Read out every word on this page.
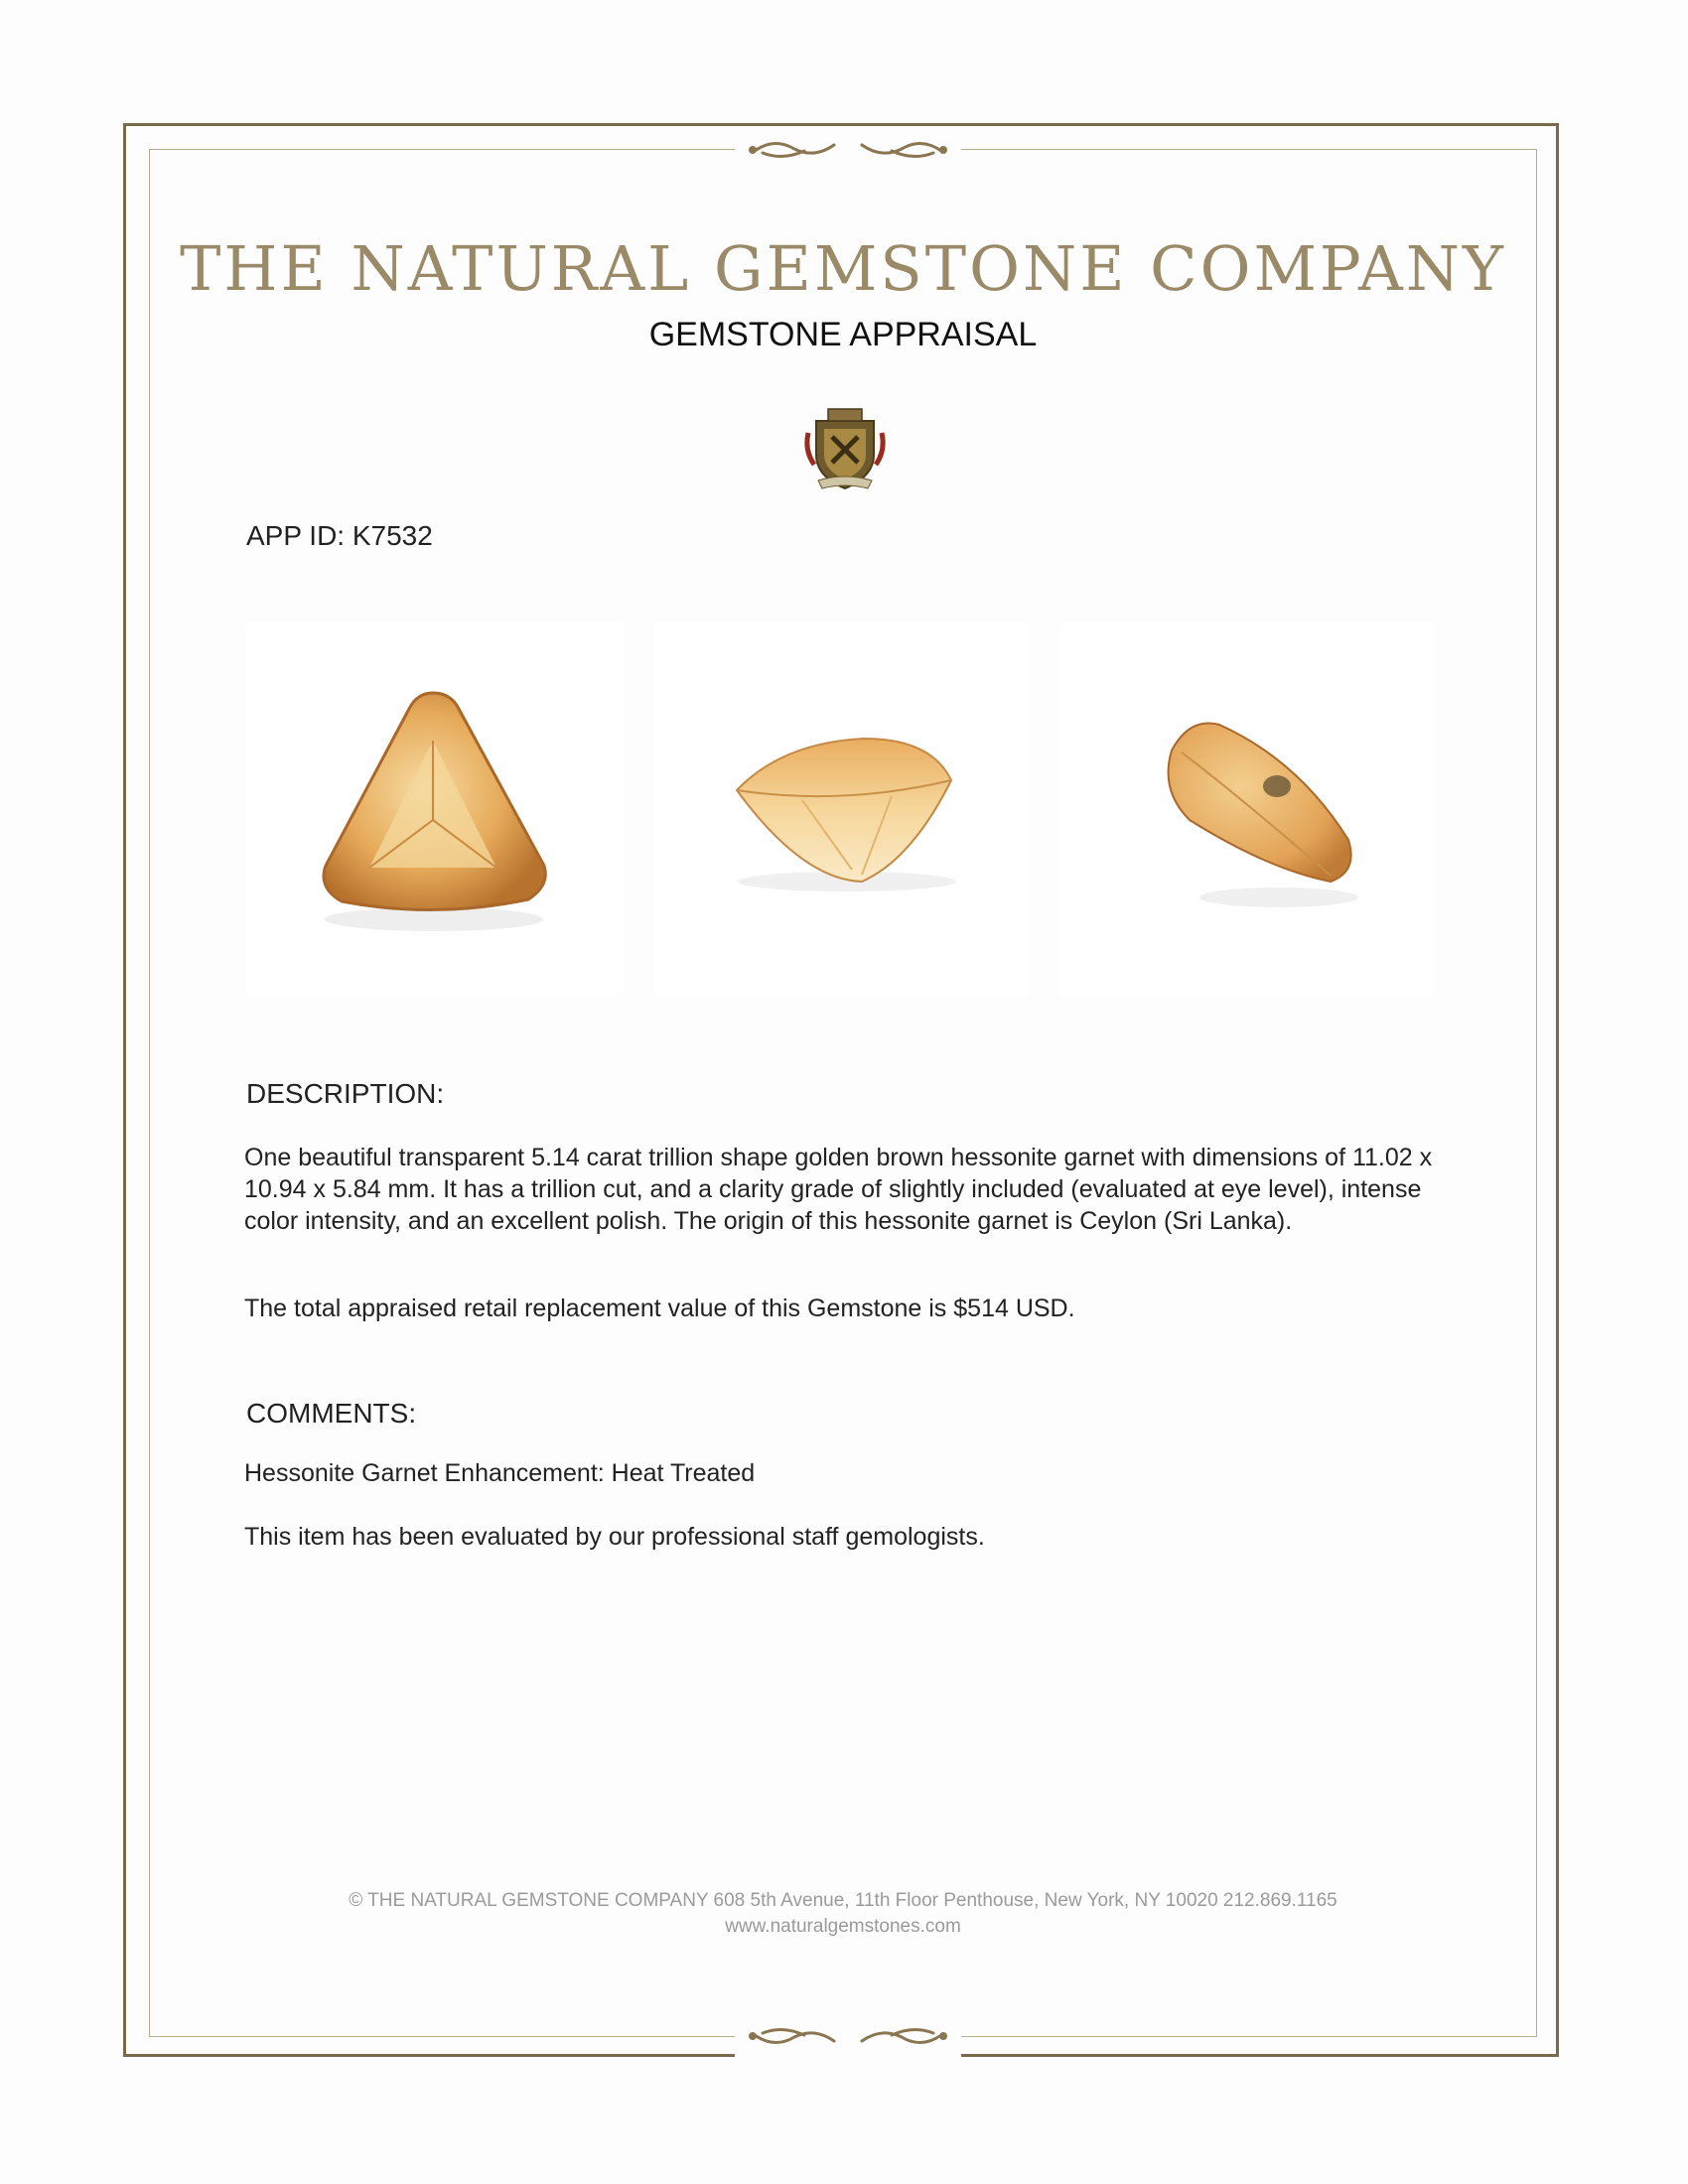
THE NATURAL GEMSTONE COMPANY
GEMSTONE APPRAISAL
APP ID: K7532
DESCRIPTION:
One beautiful transparent 5.14 carat trillion shape golden brown hessonite garnet with dimensions of 11.02 x 10.94 x 5.84 mm. It has a trillion cut, and a clarity grade of slightly included (evaluated at eye level), intense color intensity, and an excellent polish. The origin of this hessonite garnet is Ceylon (Sri Lanka).
The total appraised retail replacement value of this Gemstone is $514 USD.
COMMENTS:
Hessonite Garnet Enhancement: Heat Treated
This item has been evaluated by our professional staff gemologists.
© THE NATURAL GEMSTONE COMPANY 608 5th Avenue, 11th Floor Penthouse, New York, NY 10020 212.869.1165
www.naturalgemstones.com
